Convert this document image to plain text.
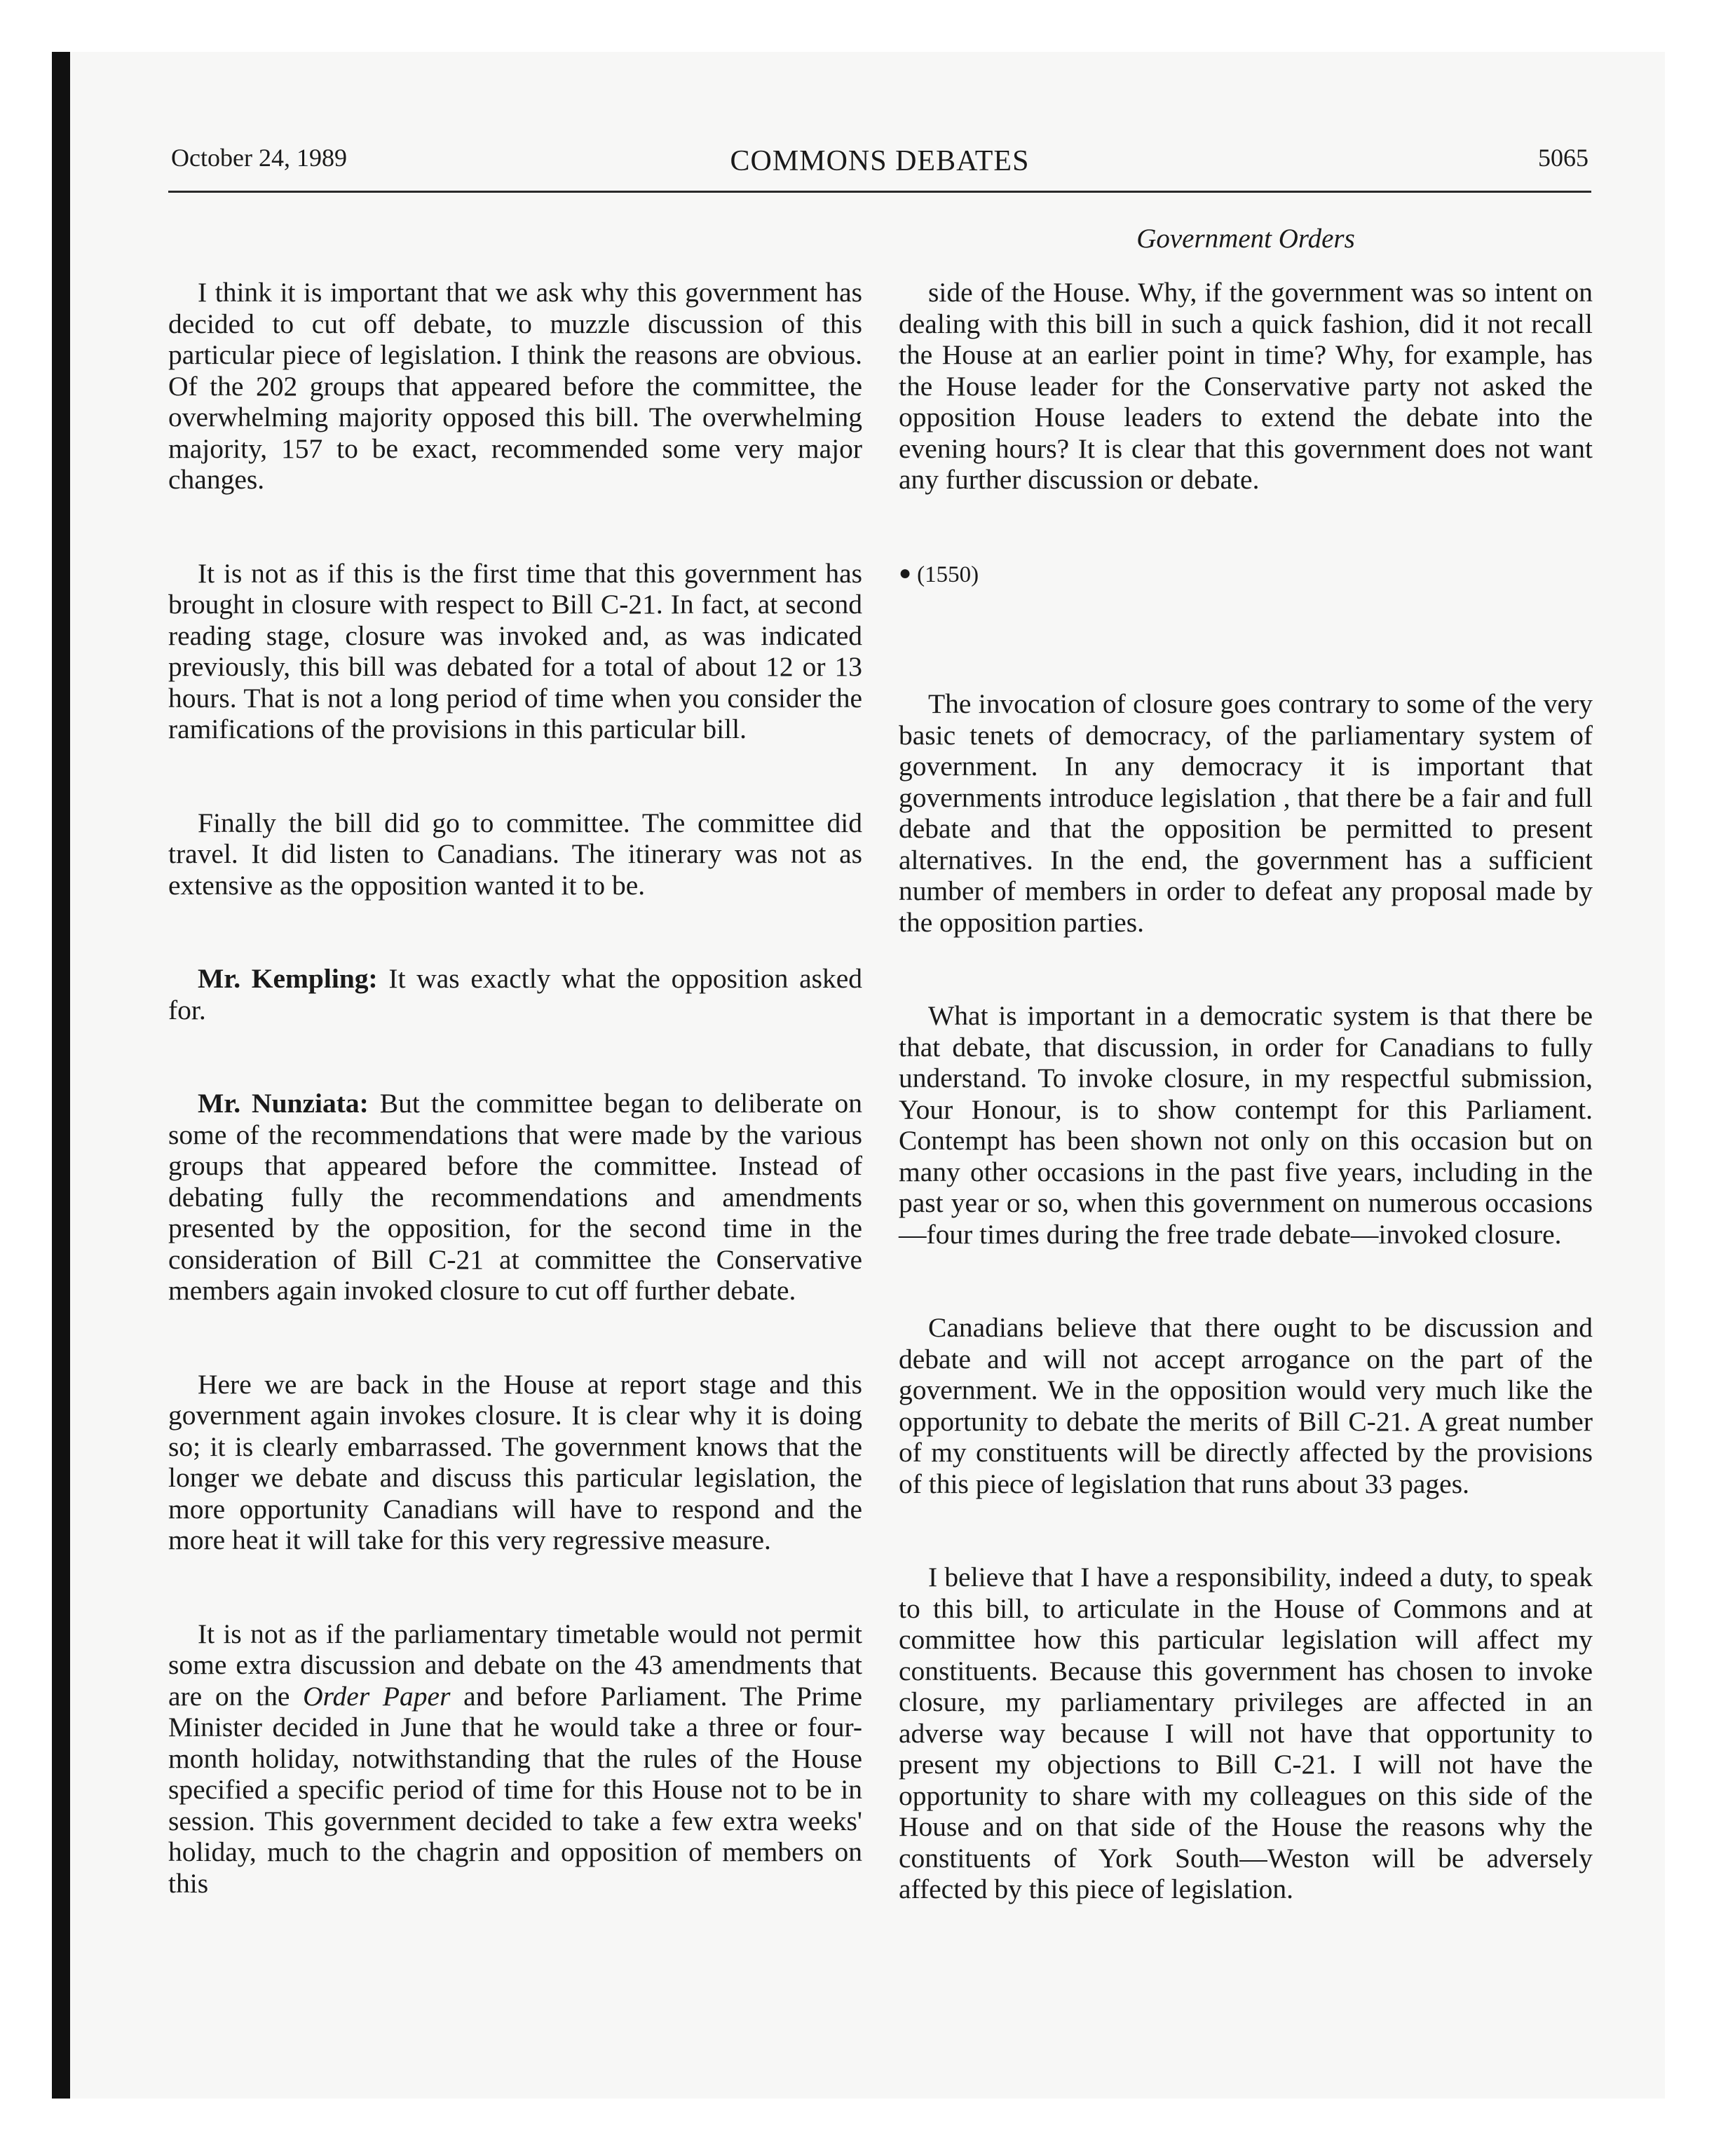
October 24, 1989	COMMONS DEBATES	5065
Government Orders

I think it is important that we ask why this government has decided to cut off debate, to muzzle discussion of this particular piece of legislation. I think the reasons are obvious. Of the 202 groups that appeared before the committee, the overwhelming majority opposed this bill. The overwhelming majority, 157 to be exact, recommended some very major changes.

It is not as if this is the first time that this government has brought in closure with respect to Bill C-21. In fact, at second reading stage, closure was invoked and, as was indicated previously, this bill was debated for a total of about 12 or 13 hours. That is not a long period of time when you consider the ramifications of the provisions in this particular bill.

Finally the bill did go to committee. The committee did travel. It did listen to Canadians. The itinerary was not as extensive as the opposition wanted it to be.

Mr. Kempling: It was exactly what the opposition asked for.

Mr. Nunziata: But the committee began to deliberate on some of the recommendations that were made by the various groups that appeared before the committee. Instead of debating fully the recommendations and amendments presented by the opposition, for the second time in the consideration of Bill C-21 at committee the Conservative members again invoked closure to cut off further debate.

Here we are back in the House at report stage and this government again invokes closure. It is clear why it is doing so; it is clearly embarrassed. The government knows that the longer we debate and discuss this particular legislation, the more opportunity Canadians will have to respond and the more heat it will take for this very regressive measure.

It is not as if the parliamentary timetable would not permit some extra discussion and debate on the 43 amendments that are on the Order Paper and before Parliament. The Prime Minister decided in June that he would take a three or four-month holiday, notwithstanding that the rules of the House specified a specific period of time for this House not to be in session. This government decided to take a few extra weeks' holiday, much to the chagrin and opposition of members on this

side of the House. Why, if the government was so intent on dealing with this bill in such a quick fashion, did it not recall the House at an earlier point in time? Why, for example, has the House leader for the Conservative party not asked the opposition House leaders to extend the debate into the evening hours? It is clear that this government does not want any further discussion or debate.

● (1550)

The invocation of closure goes contrary to some of the very basic tenets of democracy, of the parliamentary system of government. In any democracy it is important that governments introduce legislation , that there be a fair and full debate and that the opposition be permitted to present alternatives. In the end, the government has a sufficient number of members in order to defeat any proposal made by the opposition parties.

What is important in a democratic system is that there be that debate, that discussion, in order for Canadians to fully understand. To invoke closure, in my respectful submission, Your Honour, is to show contempt for this Parliament. Contempt has been shown not only on this occasion but on many other occasions in the past five years, including in the past year or so, when this government on numerous occasions—four times during the free trade debate—invoked closure.

Canadians believe that there ought to be discussion and debate and will not accept arrogance on the part of the government. We in the opposition would very much like the opportunity to debate the merits of Bill C-21. A great number of my constituents will be directly affected by the provisions of this piece of legislation that runs about 33 pages.

I believe that I have a responsibility, indeed a duty, to speak to this bill, to articulate in the House of Commons and at committee how this particular legislation will affect my constituents. Because this government has chosen to invoke closure, my parliamentary privileges are affected in an adverse way because I will not have that opportunity to present my objections to Bill C-21. I will not have the opportunity to share with my colleagues on this side of the House and on that side of the House the reasons why the constituents of York South—Weston will be adversely affected by this piece of legislation.
